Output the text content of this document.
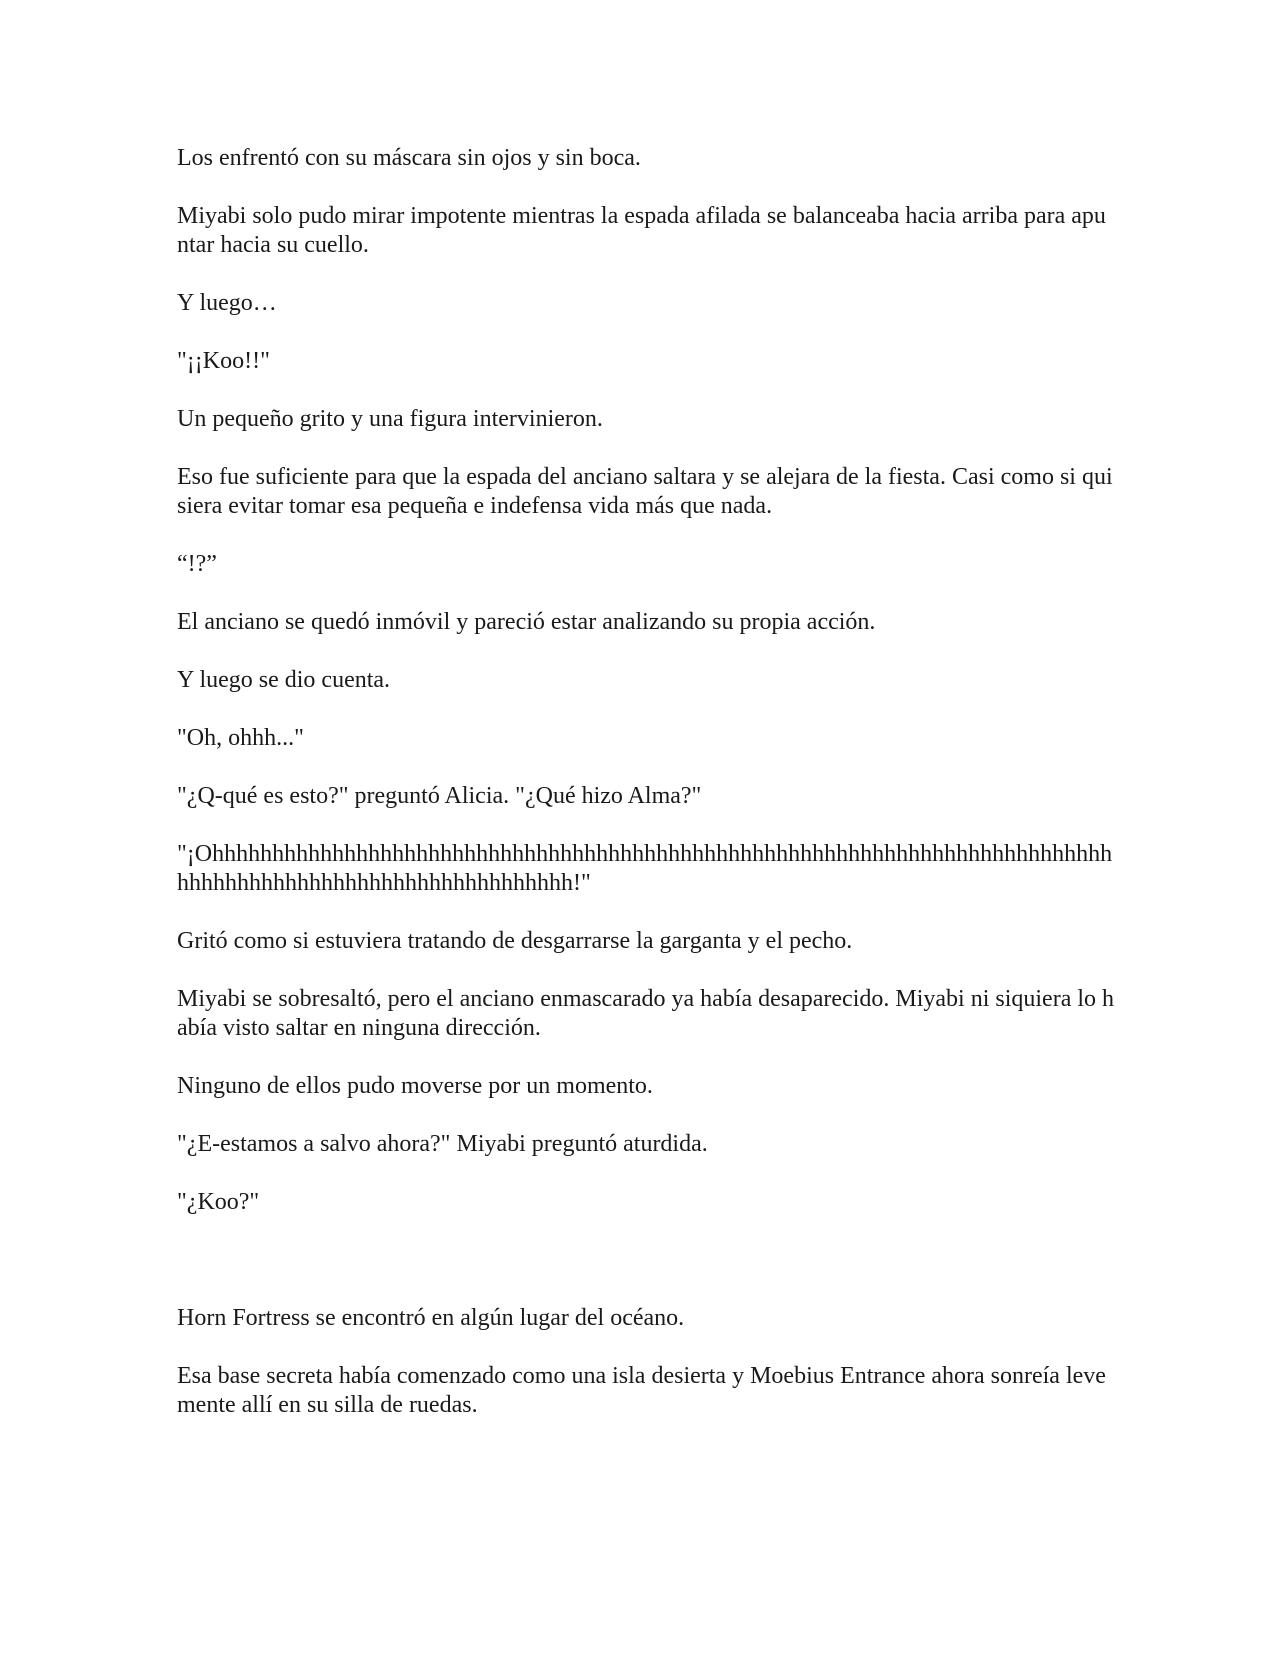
Los enfrentó con su máscara sin ojos y sin boca.

Miyabi solo pudo mirar impotente mientras la espada afilada se balanceaba hacia arriba para apuntar hacia su cuello.

Y luego…

"¡¡Koo!!"

Un pequeño grito y una figura intervinieron.

Eso fue suficiente para que la espada del anciano saltara y se alejara de la fiesta. Casi como si quisiera evitar tomar esa pequeña e indefensa vida más que nada.

“!?”

El anciano se quedó inmóvil y pareció estar analizando su propia acción.

Y luego se dio cuenta.

"Oh, ohhh..."

"¿Q-qué es esto?" preguntó Alicia. "¿Qué hizo Alma?"

"¡Ohhhhhhhhhhhhhhhhhhhhhhhhhhhhhhhhhhhhhhhhhhhhhhhhhhhhhhhhhhhhhhhhhhhhhhhhhhhhhhhhhhhhhhhhhhhhhhhhhhhhhhhhhhhh!"

Gritó como si estuviera tratando de desgarrarse la garganta y el pecho.

Miyabi se sobresaltó, pero el anciano enmascarado ya había desaparecido. Miyabi ni siquiera lo había visto saltar en ninguna dirección.

Ninguno de ellos pudo moverse por un momento.

"¿E-estamos a salvo ahora?" Miyabi preguntó aturdida.

"¿Koo?"

Horn Fortress se encontró en algún lugar del océano.

Esa base secreta había comenzado como una isla desierta y Moebius Entrance ahora sonreía levemente allí en su silla de ruedas.
